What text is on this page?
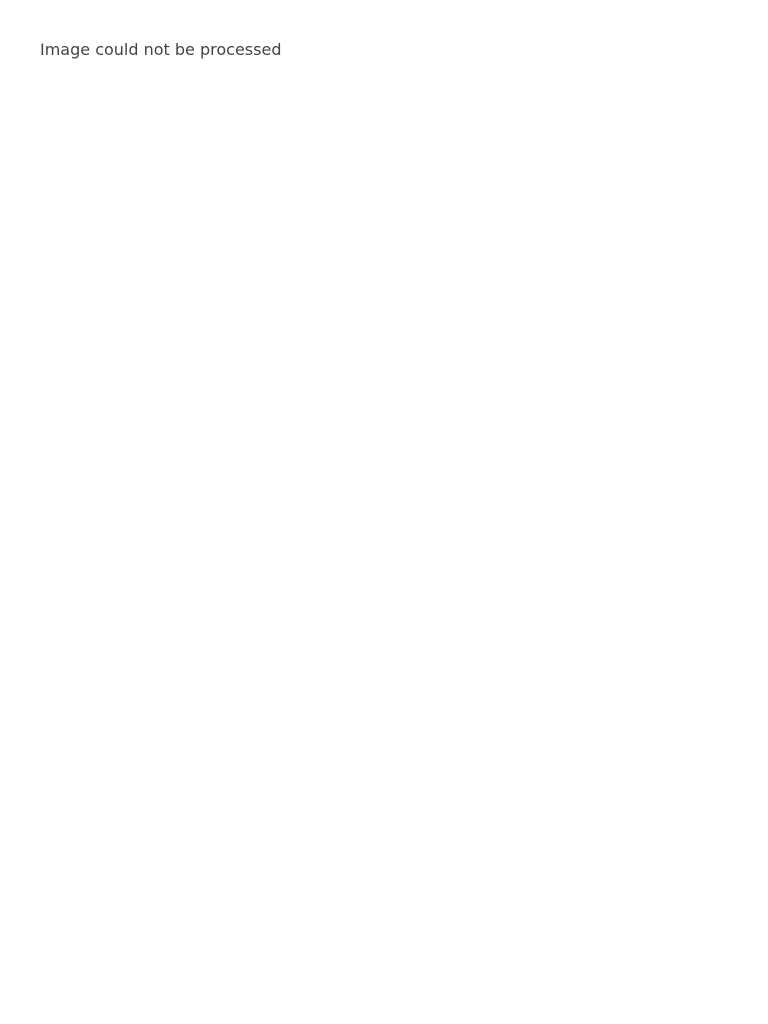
Image could not be processed
